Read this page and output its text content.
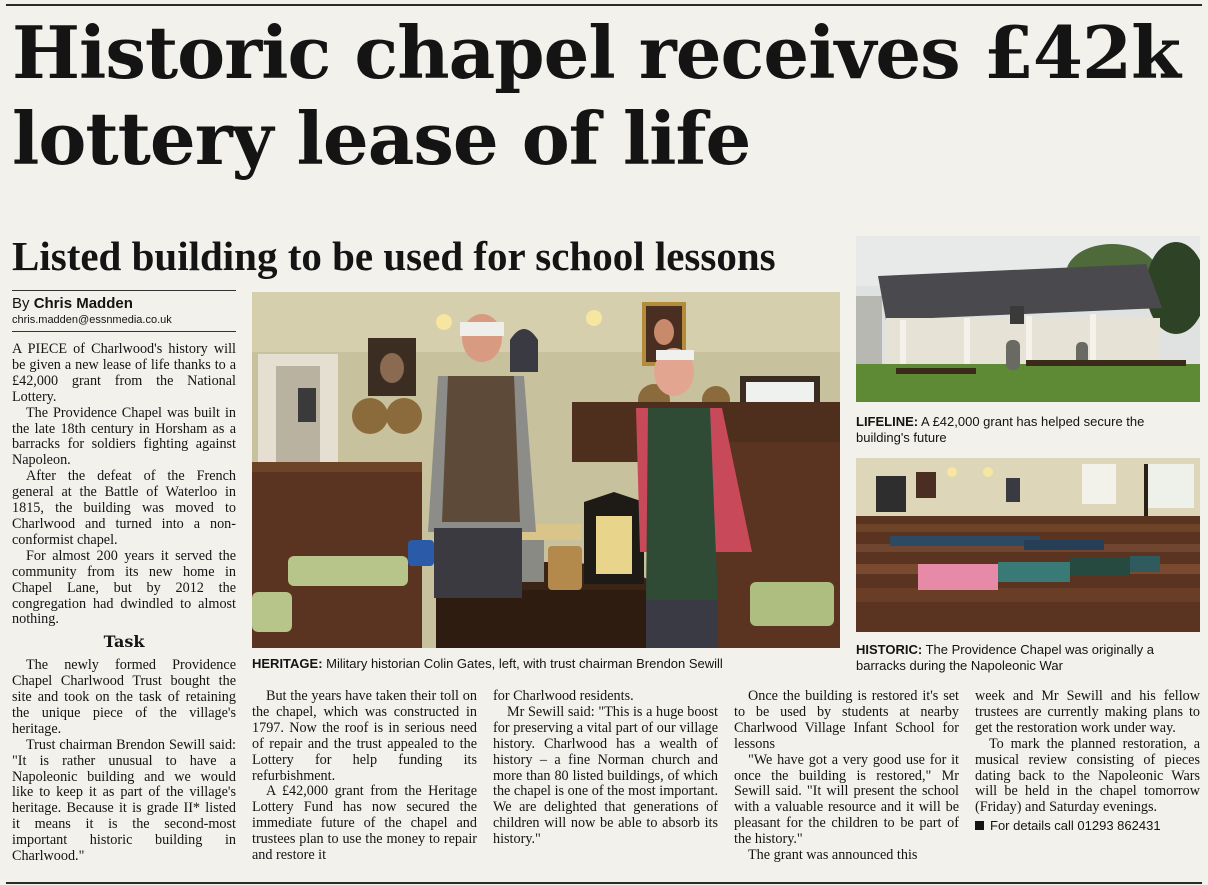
Historic chapel receives £42k lottery lease of life
Listed building to be used for school lessons
By Chris Madden
chris.madden@essnmedia.co.uk

A PIECE of Charlwood's history will be given a new lease of life thanks to a £42,000 grant from the National Lottery.

The Providence Chapel was built in the late 18th century in Horsham as a barracks for soldiers fighting against Napoleon.

After the defeat of the French general at the Battle of Waterloo in 1815, the building was moved to Charlwood and turned into a non-conformist chapel.

For almost 200 years it served the community from its new home in Chapel Lane, but by 2012 the congregation had dwindled to almost nothing.

Task

The newly formed Providence Chapel Charlwood Trust bought the site and took on the task of retaining the unique piece of the village's heritage.

Trust chairman Brendon Sewill said: "It is rather unusual to have a Napoleonic building and we would like to keep it as part of the village's heritage. Because it is grade II* listed it means it is the second-most important historic building in Charlwood."

HERITAGE: Military historian Colin Gates, left, with trust chairman Brendon Sewill
LIFELINE: A £42,000 grant has helped secure the building's future
HISTORIC: The Providence Chapel was originally a barracks during the Napoleonic War

But the years have taken their toll on the chapel, which was constructed in 1797. Now the roof is in serious need of repair and the trust appealed to the Lottery for help funding its refurbishment.

A £42,000 grant from the Heritage Lottery Fund has now secured the immediate future of the chapel and trustees plan to use the money to repair and restore it

for Charlwood residents.

Mr Sewill said: "This is a huge boost for preserving a vital part of our village history. Charlwood has a wealth of history – a fine Norman church and more than 80 listed buildings, of which the chapel is one of the most important. We are delighted that generations of children will now be able to absorb its history."

Once the building is restored it's set to be used by students at nearby Charlwood Village Infant School for lessons

"We have got a very good use for it once the building is restored," Mr Sewill said. "It will present the school with a valuable resource and it will be pleasant for the children to be part of the history."

The grant was announced this

week and Mr Sewill and his fellow trustees are currently making plans to get the restoration work under way.

To mark the planned restoration, a musical review consisting of pieces dating back to the Napoleonic Wars will be held in the chapel tomorrow (Friday) and Saturday evenings.

For details call 01293 862431
